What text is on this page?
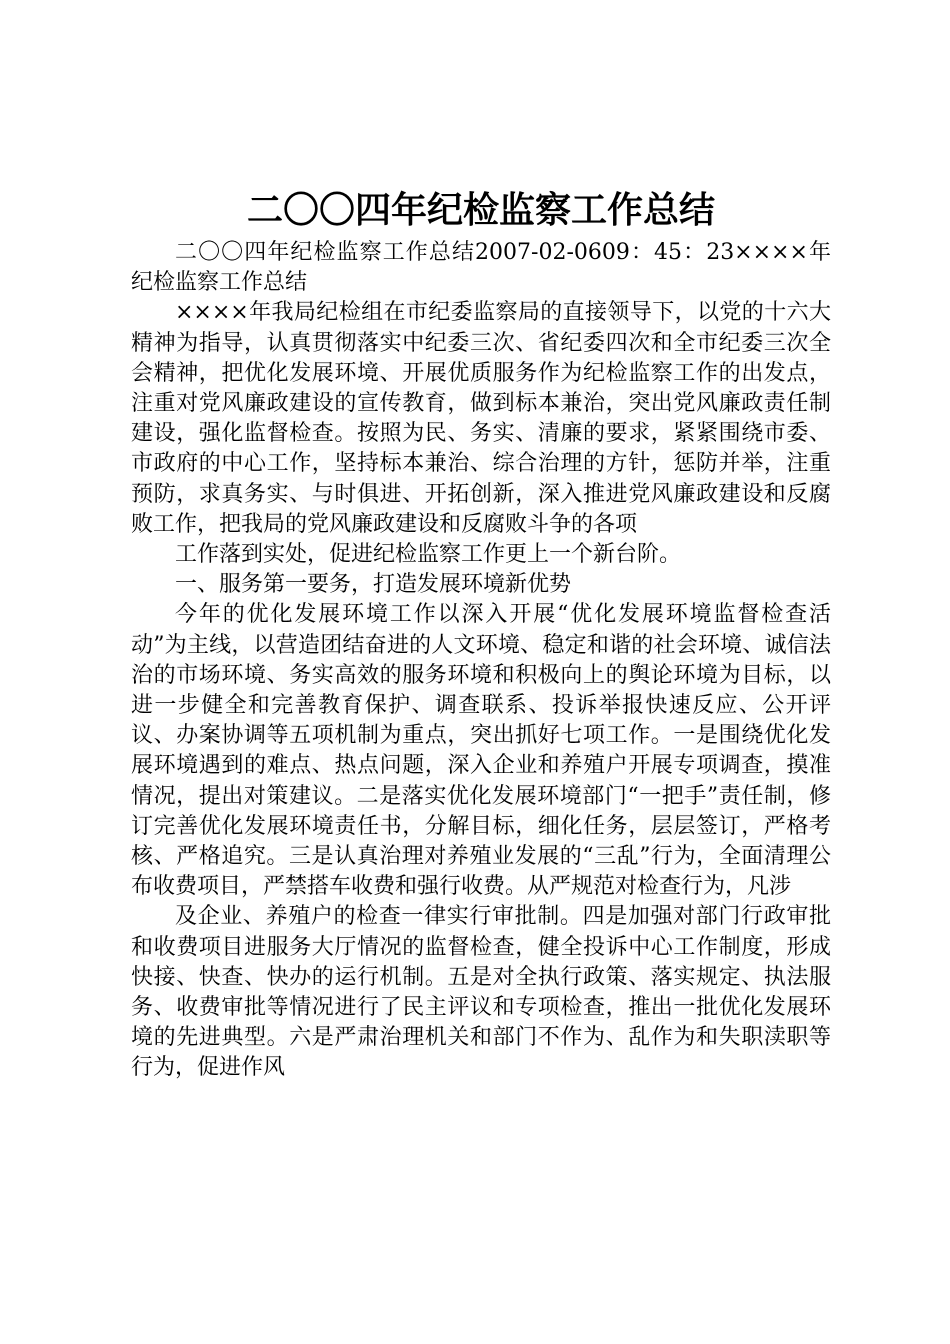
二〇〇四年纪检监察工作总结

二〇〇四年纪检监察工作总结2007-02-0609：45：23××××年纪检监察工作总结

××××年我局纪检组在市纪委监察局的直接领导下，以党的十六大精神为指导，认真贯彻落实中纪委三次、省纪委四次和全市纪委三次全会精神，把优化发展环境、开展优质服务作为纪检监察工作的出发点，注重对党风廉政建设的宣传教育，做到标本兼治，突出党风廉政责任制建设，强化监督检查。按照为民、务实、清廉的要求，紧紧围绕市委、市政府的中心工作，坚持标本兼治、综合治理的方针，惩防并举，注重预防，求真务实、与时俱进、开拓创新，深入推进党风廉政建设和反腐败工作，把我局的党风廉政建设和反腐败斗争的各项

工作落到实处，促进纪检监察工作更上一个新台阶。

一、服务第一要务，打造发展环境新优势

今年的优化发展环境工作以深入开展“优化发展环境监督检查活动”为主线，以营造团结奋进的人文环境、稳定和谐的社会环境、诚信法治的市场环境、务实高效的服务环境和积极向上的舆论环境为目标，以进一步健全和完善教育保护、调查联系、投诉举报快速反应、公开评议、办案协调等五项机制为重点，突出抓好七项工作。一是围绕优化发展环境遇到的难点、热点问题，深入企业和养殖户开展专项调查，摸准情况，提出对策建议。二是落实优化发展环境部门“一把手”责任制，修订完善优化发展环境责任书，分解目标，细化任务，层层签订，严格考核、严格追究。三是认真治理对养殖业发展的“三乱”行为，全面清理公布收费项目，严禁搭车收费和强行收费。从严规范对检查行为，凡涉

及企业、养殖户的检查一律实行审批制。四是加强对部门行政审批和收费项目进服务大厅情况的监督检查，健全投诉中心工作制度，形成快接、快查、快办的运行机制。五是对全执行政策、落实规定、执法服务、收费审批等情况进行了民主评议和专项检查，推出一批优化发展环境的先进典型。六是严肃治理机关和部门不作为、乱作为和失职渎职等行为，促进作风
